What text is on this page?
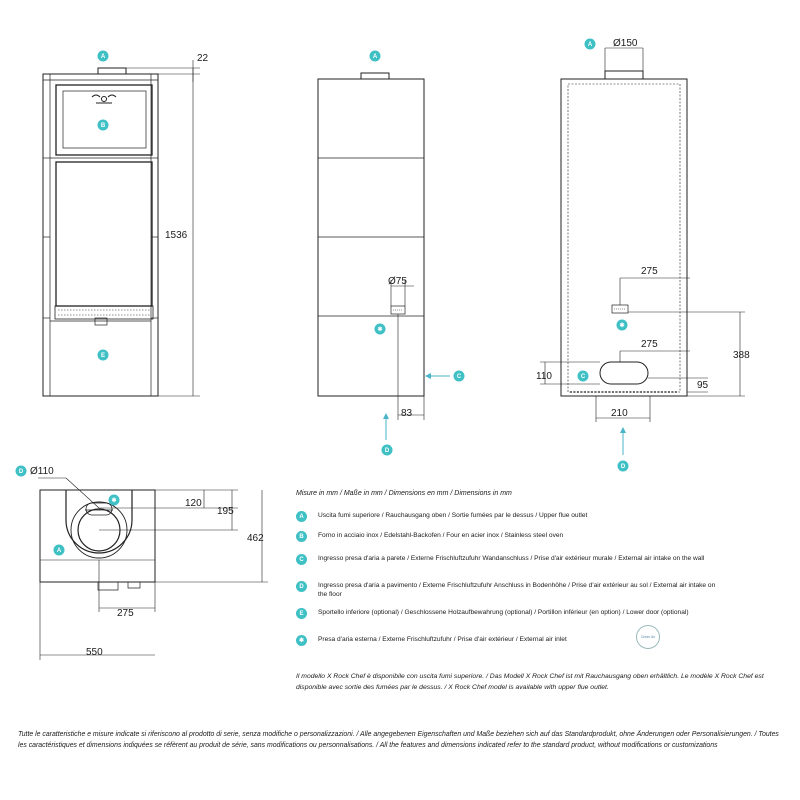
A
B
E
A
✱
C
D
A
✱
C
D
D
✱
A
22
1536
Ø75
83
Ø150
275
275
388
110
95
210
Ø110
120
195
462
275
550
Misure in mm / Maße in mm / Dimensions en mm / Dimensions in mm
A	Uscita fumi superiore / Rauchausgang oben / Sortie fumées par le dessus / Upper flue outlet
B	Forno in acciaio inox / Edelstahl-Backofen / Four en acier inox / Stainless steel oven
C	Ingresso presa d'aria a parete / Externe Frischluftzufuhr Wandanschluss / Prise d'air extérieur murale / External air intake on the wall
D	Ingresso presa d'aria a pavimento / Externe Frischluftzufuhr Anschluss in Bodenhöhe / Prise d'air extérieur au sol / External air intake on the floor
E	Sportello inferiore (optional) / Geschlossene Holzaufbewahrung (optional) / Portillon inférieur (en option) / Lower door (optional)
✱	Presa d'aria esterna / Externe Frischluftzufuhr / Prise d'air extérieur / External air inlet	Clean Air
Il modello X Rock Chef è disponibile con uscita fumi superiore. / Das Modell X Rock Chef ist mit Rauchausgang oben erhältlich. Le modèle X Rock Chef est disponible avec sortie des fumées par le dessus. / X Rock Chef model is available with upper flue outlet.
Tutte le caratteristiche e misure indicate si riferiscono al prodotto di serie, senza modifiche o personalizzazioni. / Alle angegebenen Eigenschaften und Maße beziehen sich auf das Standardprodukt, ohne Änderungen oder Personalisierungen. / Toutes les caractéristiques et dimensions indiquées se réfèrent au produit de série, sans modifications ou personnalisations. / All the features and dimensions indicated refer to the standard product, without modifications or customizations
